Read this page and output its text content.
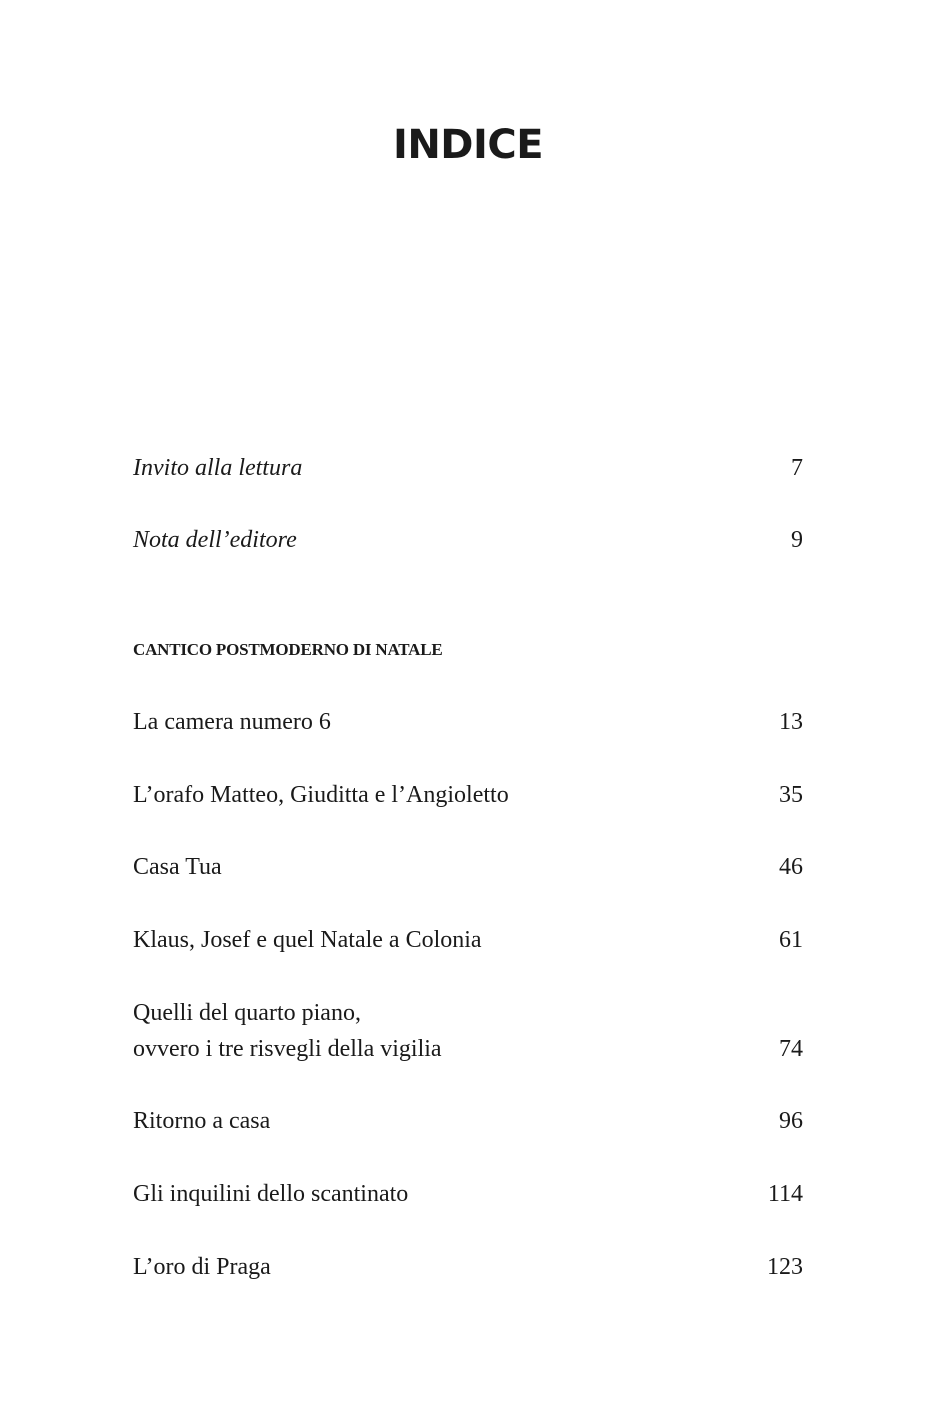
INDICE
Invito alla lettura	7
Nota dell’editore	9
CANTICO POSTMODERNO DI NATALE
La camera numero 6	13
L’orafo Matteo, Giuditta e l’Angioletto	35
Casa Tua	46
Klaus, Josef e quel Natale a Colonia	61
Quelli del quarto piano,
ovvero i tre risvegli della vigilia	74
Ritorno a casa	96
Gli inquilini dello scantinato	114
L’oro di Praga	123
